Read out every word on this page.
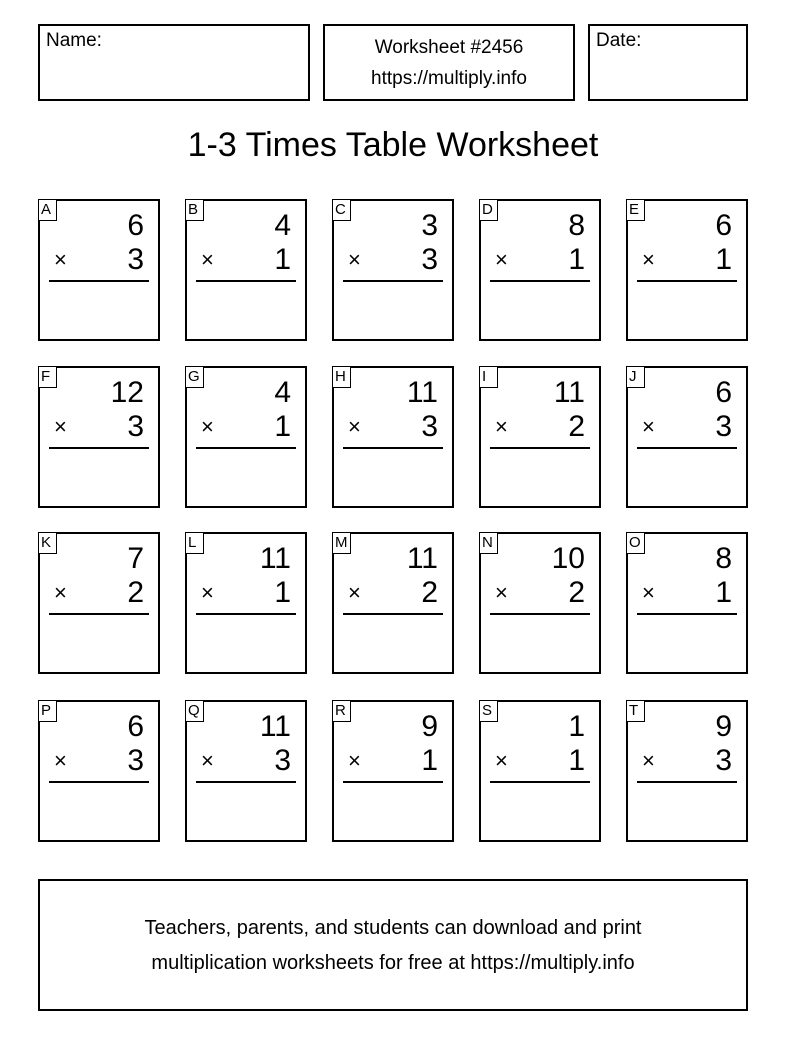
Name:	Worksheet #2456
https://multiply.info
Date:
1-3 Times Table Worksheet
A	6
× 3
B	4
× 1
C	3
× 3
D	8
× 1
E	6
× 1
F 12
× 3
G 4
× 1
H 11
× 3
I	11
× 2
J	6
× 3
K	7
× 2
L 11
× 1
M 11
× 2
N 10
× 2
O 8
× 1
P	6
× 3
Q 11
× 3
R	9
× 1
S	1
× 1
T	9
× 3
Teachers, parents, and students can download and print
multiplication worksheets for free at https://multiply.info
